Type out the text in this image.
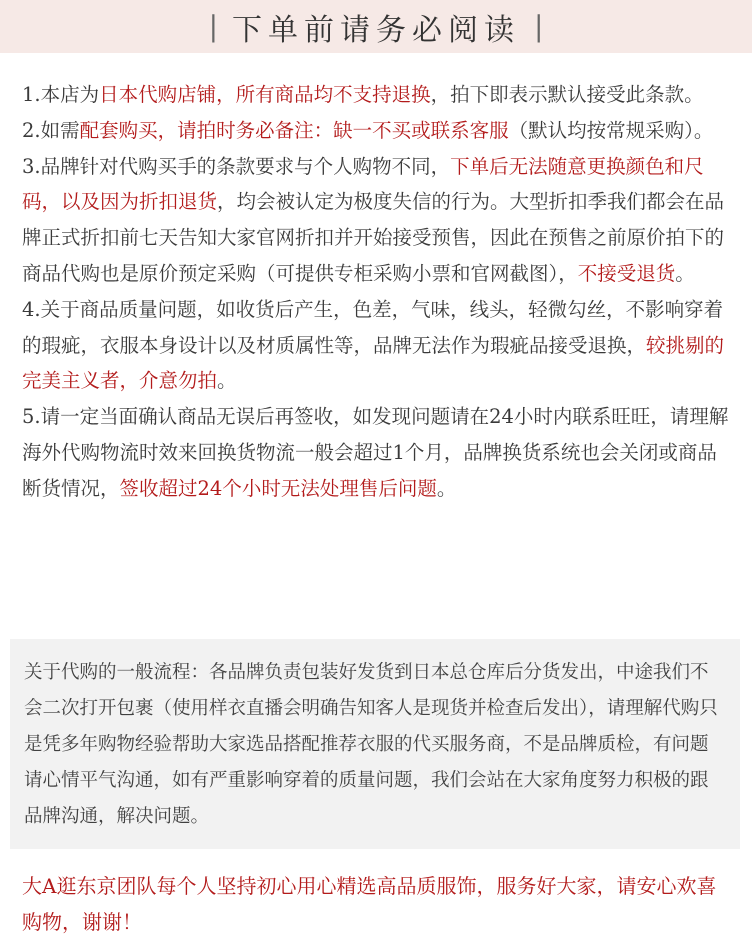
| 下单前请务必阅读 |

1.本店为日本代购店铺，所有商品均不支持退换，拍下即表示默认接受此条款。

2.如需配套购买，请拍时务必备注：缺一不买或联系客服（默认均按常规采购）。

3.品牌针对代购买手的条款要求与个人购物不同，下单后无法随意更换颜色和尺码，以及因为折扣退货，均会被认定为极度失信的行为。大型折扣季我们都会在品牌正式折扣前七天告知大家官网折扣并开始接受预售，因此在预售之前原价拍下的商品代购也是原价预定采购（可提供专柜采购小票和官网截图），不接受退货。

4.关于商品质量问题，如收货后产生，色差，气味，线头，轻微勾丝，不影响穿着的瑕疵，衣服本身设计以及材质属性等，品牌无法作为瑕疵品接受退换，较挑剔的完美主义者，介意勿拍。

5.请一定当面确认商品无误后再签收，如发现问题请在24小时内联系旺旺，请理解海外代购物流时效来回换货物流一般会超过1个月，品牌换货系统也会关闭或商品断货情况，签收超过24个小时无法处理售后问题。

关于代购的一般流程：各品牌负责包装好发货到日本总仓库后分货发出，中途我们不会二次打开包裹（使用样衣直播会明确告知客人是现货并检查后发出），请理解代购只是凭多年购物经验帮助大家选品搭配推荐衣服的代买服务商，不是品牌质检，有问题请心情平气沟通，如有严重影响穿着的质量问题，我们会站在大家角度努力积极的跟品牌沟通，解决问题。
大A逛东京团队每个人坚持初心用心精选高品质服饰，服务好大家，请安心欢喜购物，谢谢！
